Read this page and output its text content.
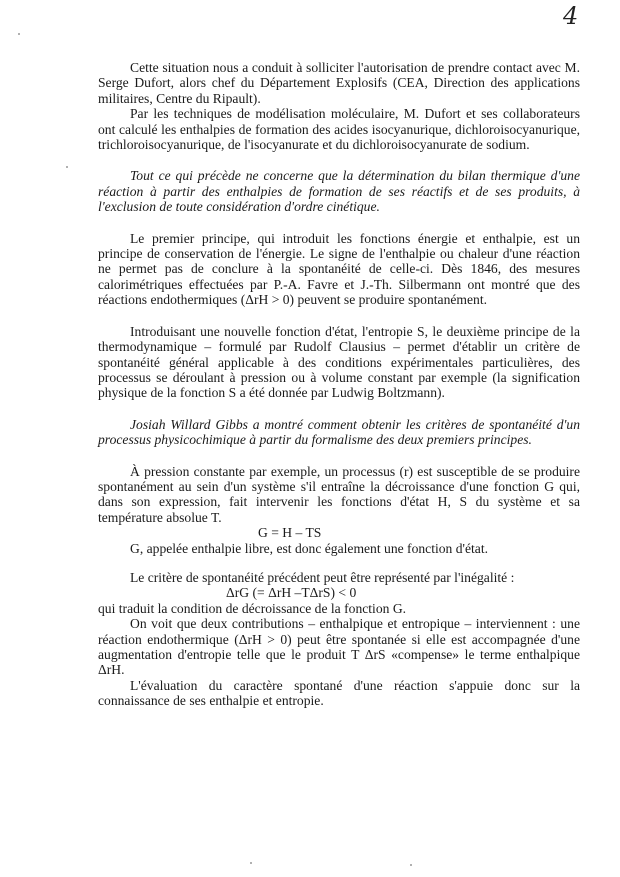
4

Cette situation nous a conduit à solliciter l'autorisation de prendre contact avec M. Serge Dufort, alors chef du Département Explosifs (CEA, Direction des applications militaires, Centre du Ripault).

Par les techniques de modélisation moléculaire, M. Dufort et ses collaborateurs ont calculé les enthalpies de formation des acides isocyanurique, dichloroisocyanurique, trichloroisocyanurique, de l'isocyanurate et du dichloroisocyanurate de sodium.

Tout ce qui précède ne concerne que la détermination du bilan thermique d'une réaction à partir des enthalpies de formation de ses réactifs et de ses produits, à l'exclusion de toute considération d'ordre cinétique.

Le premier principe, qui introduit les fonctions énergie et enthalpie, est un principe de conservation de l'énergie. Le signe de l'enthalpie ou chaleur d'une réaction ne permet pas de conclure à la spontanéité de celle-ci. Dès 1846, des mesures calorimétriques effectuées par P.-A. Favre et J.-Th. Silbermann ont montré que des réactions endothermiques (ΔrH > 0) peuvent se produire spontanément.

Introduisant une nouvelle fonction d'état, l'entropie S, le deuxième principe de la thermodynamique – formulé par Rudolf Clausius – permet d'établir un critère de spontanéité général applicable à des conditions expérimentales particulières, des processus se déroulant à pression ou à volume constant par exemple (la signification physique de la fonction S a été donnée par Ludwig Boltzmann).

Josiah Willard Gibbs a montré comment obtenir les critères de spontanéité d'un processus physicochimique à partir du formalisme des deux premiers principes.

À pression constante par exemple, un processus (r) est susceptible de se produire spontanément au sein d'un système s'il entraîne la décroissance d'une fonction G qui, dans son expression, fait intervenir les fonctions d'état H, S du système et sa température absolue T.

G = H – TS

G, appelée enthalpie libre, est donc également une fonction d'état.

Le critère de spontanéité précédent peut être représenté par l'inégalité :

ΔrG (= ΔrH –TΔrS) < 0

qui traduit la condition de décroissance de la fonction G.

On voit que deux contributions – enthalpique et entropique – interviennent : une réaction endothermique (ΔrH > 0) peut être spontanée si elle est accompagnée d'une augmentation d'entropie telle que le produit T ΔrS «compense» le terme enthalpique ΔrH.

L'évaluation du caractère spontané d'une réaction s'appuie donc sur la connaissance de ses enthalpie et entropie.
